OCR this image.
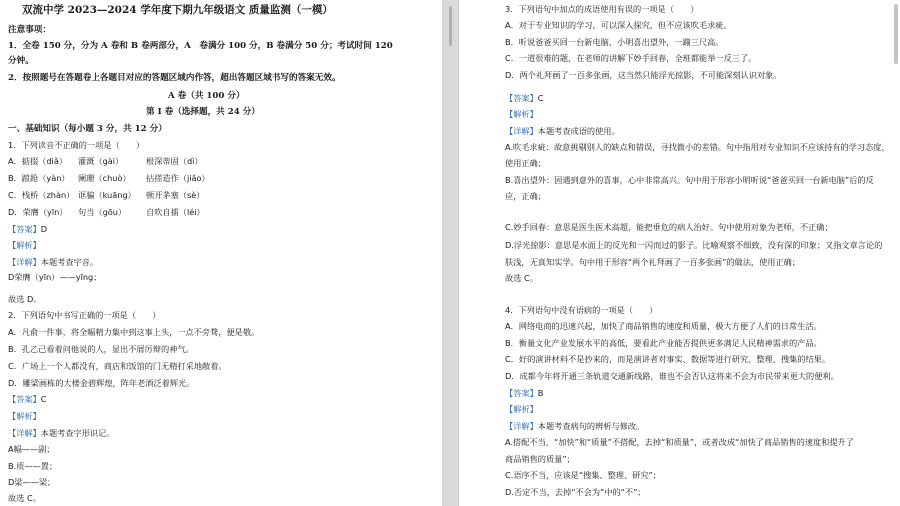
双流中学 2023—2024 学年度下期九年级语文 质量监测（一模）
注意事项：
1．全卷 150 分，分为 A 卷和 B 卷两部分，A　卷满分 100 分，B 卷满分 50 分；考试时间 120
分钟。
2．按照题号在答题卷上各题目对应的答题区域内作答，超出答题区域书写的答案无效。
A 卷（共 100 分）
第 I 卷（选择题，共 24 分）
一、基础知识（每小题 3 分，共 12 分）
1．下列读音不正确的一项是（　　）
A．掂掇（diǎ） 灌溉（gài）	根深蒂固（dì）
B．踉跄（yàn） 阑珊（chuò） 拈搓造作（jiǎo）
C．栈桥（zhàn） 诓骗（kuāng） 顿开茅塞（sè）
D．荣膺（yīn） 句当（gōu） 自吹自擂（léi）
【答案】D
【解析】
【详解】本题考查字音。
D荣膺（yīn）——yīng；
故选 D。
2．下列语句中书写正确的一项是（　　）
A．凡俞一件事，将全幅精力集中到这事上头，一点不旁骛，便是敬。
B．孔乙己看着问他说的人，显出不屑厉辩的神气。
C．广场上一个人都没有，商店和饭馆的门无精打采地敞着。
D．雕梁画栋的大楼金碧辉煌，阵年老酒泛着辉光。
【答案】C
【解析】
【详解】本题考查字形识记。
A幅——副；
B.质——置；
D梁——梁；
故选 C。
3．下列语句中加点的成语使用有误的一项是（　　）
A．对于专业知识的学习，可以深入探究，但不应该吹毛求疵。
B．听说爸爸买回一台新电脑，小明喜出望外，一蹦三尺高。
C．一道很难的题，在老师的讲解下妙手回春，全班都能举一反三了。
D．两个礼拜画了一百多张画，这当然只能浮光掠影，不可能深刻认识对象。
【答案】C
【解析】
【详解】本题考查成语的使用。
A.吹毛求疵：故意挑剔别人的缺点和错误，寻找微小的差错。句中指用对专业知识不应该持有的学习态度，
使用正确；
B.喜出望外：因遇到意外的喜事，心中非常高兴。句中用于形容小明听说“爸爸买回一台新电脑”后的反
应，正确；
C.妙手回春：意思是医生医术高超，能把垂危的病人治好。句中使用对象为老师，不正确；
D.浮光掠影：意思是水面上的反光和一闪而过的影子。比喻观察不细致，没有深的印象；又指文章言论的
肤浅，无真知实学。句中用于形容“两个礼拜画了一百多张画”的做法，使用正确；
故选 C。
4．下列语句中没有语病的一项是（　　）
A．网络电商的迅速兴起，加快了商品销售的速度和质量，极大方便了人们的日常生活。
B．衡量文化产业发展水平的高低，要看此产业能否提供更多满足人民精神需求的产品。
C．好的演讲材料不是抄来的，而是演讲者对事实、数据等进行研究、整理、搜集的结果。
D．成都今年将开通三条轨道交通新线路，谁也不会否认这将来不会为市民带来更大的便利。
【答案】B
【解析】
【详解】本题考查病句的辨析与修改。
A.搭配不当，“加快”和“质量”不搭配，去掉“和质量”，或者改成“加快了商品销售的速度和提升了
商品销售的质量”；
C.语序不当，应该是“搜集、整理、研究”；
D.否定不当，去掉“不会为”中的“不”；
